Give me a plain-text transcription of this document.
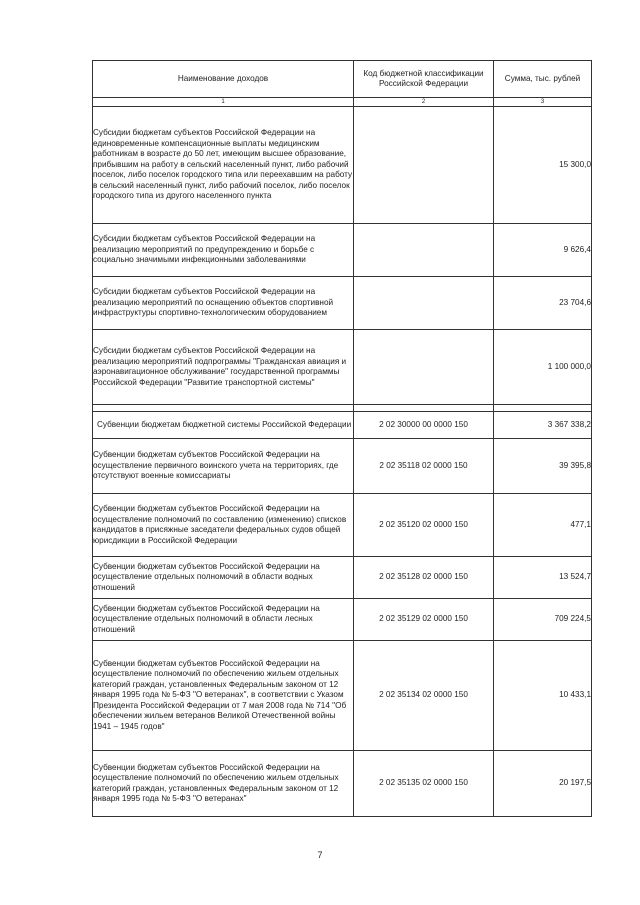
Наименование доходов	Код бюджетной классификации Российской Федерации	Сумма, тыс. рублей
1	2	3
Субсидии бюджетам субъектов Российской Федерации на единовременные компенсационные выплаты медицинским работникам в возрасте до 50 лет, имеющим высшее образование, прибывшим на работу в сельский населенный пункт, либо рабочий поселок, либо поселок городского типа или переехавшим на работу в сельский населенный пункт, либо рабочий поселок, либо поселок городского типа из другого населенного пункта		15 300,0
Субсидии бюджетам субъектов Российской Федерации на реализацию мероприятий по предупреждению и борьбе с социально значимыми инфекционными заболеваниями		9 626,4
Субсидии бюджетам субъектов Российской Федерации на реализацию мероприятий по оснащению объектов спортивной инфраструктуры спортивно-технологическим оборудованием		23 704,6
Субсидии бюджетам субъектов Российской Федерации на реализацию мероприятий подпрограммы "Гражданская авиация и аэронавигационное обслуживание" государственной программы Российской Федерации "Развитие транспортной системы"		1 100 000,0

Субвенции бюджетам бюджетной системы Российской Федерации	2 02 30000 00 0000 150	3 367 338,2
Субвенции бюджетам субъектов Российской Федерации на осуществление первичного воинского учета на территориях, где отсутствуют военные комиссариаты	2 02 35118 02 0000 150	39 395,8
Субвенции бюджетам субъектов Российской Федерации на осуществление полномочий по составлению (изменению) списков кандидатов в присяжные заседатели федеральных судов общей юрисдикции в Российской Федерации	2 02 35120 02 0000 150	477,1
Субвенции бюджетам субъектов Российской Федерации на осуществление отдельных полномочий в области водных отношений	2 02 35128 02 0000 150	13 524,7
Субвенции бюджетам субъектов Российской Федерации на осуществление отдельных полномочий в области лесных отношений	2 02 35129 02 0000 150	709 224,5
Субвенции бюджетам субъектов Российской Федерации на осуществление полномочий по обеспечению жильем отдельных категорий граждан, установленных Федеральным законом от 12 января 1995 года № 5-ФЗ "О ветеранах", в соответствии с Указом Президента Российской Федерации от 7 мая 2008 года № 714 "Об обеспечении жильем ветеранов Великой Отечественной войны 1941 – 1945 годов"	2 02 35134 02 0000 150	10 433,1
Субвенции бюджетам субъектов Российской Федерации на осуществление полномочий по обеспечению жильем отдельных категорий граждан, установленных Федеральным законом от 12 января 1995 года № 5-ФЗ "О ветеранах"	2 02 35135 02 0000 150	20 197,5
7
